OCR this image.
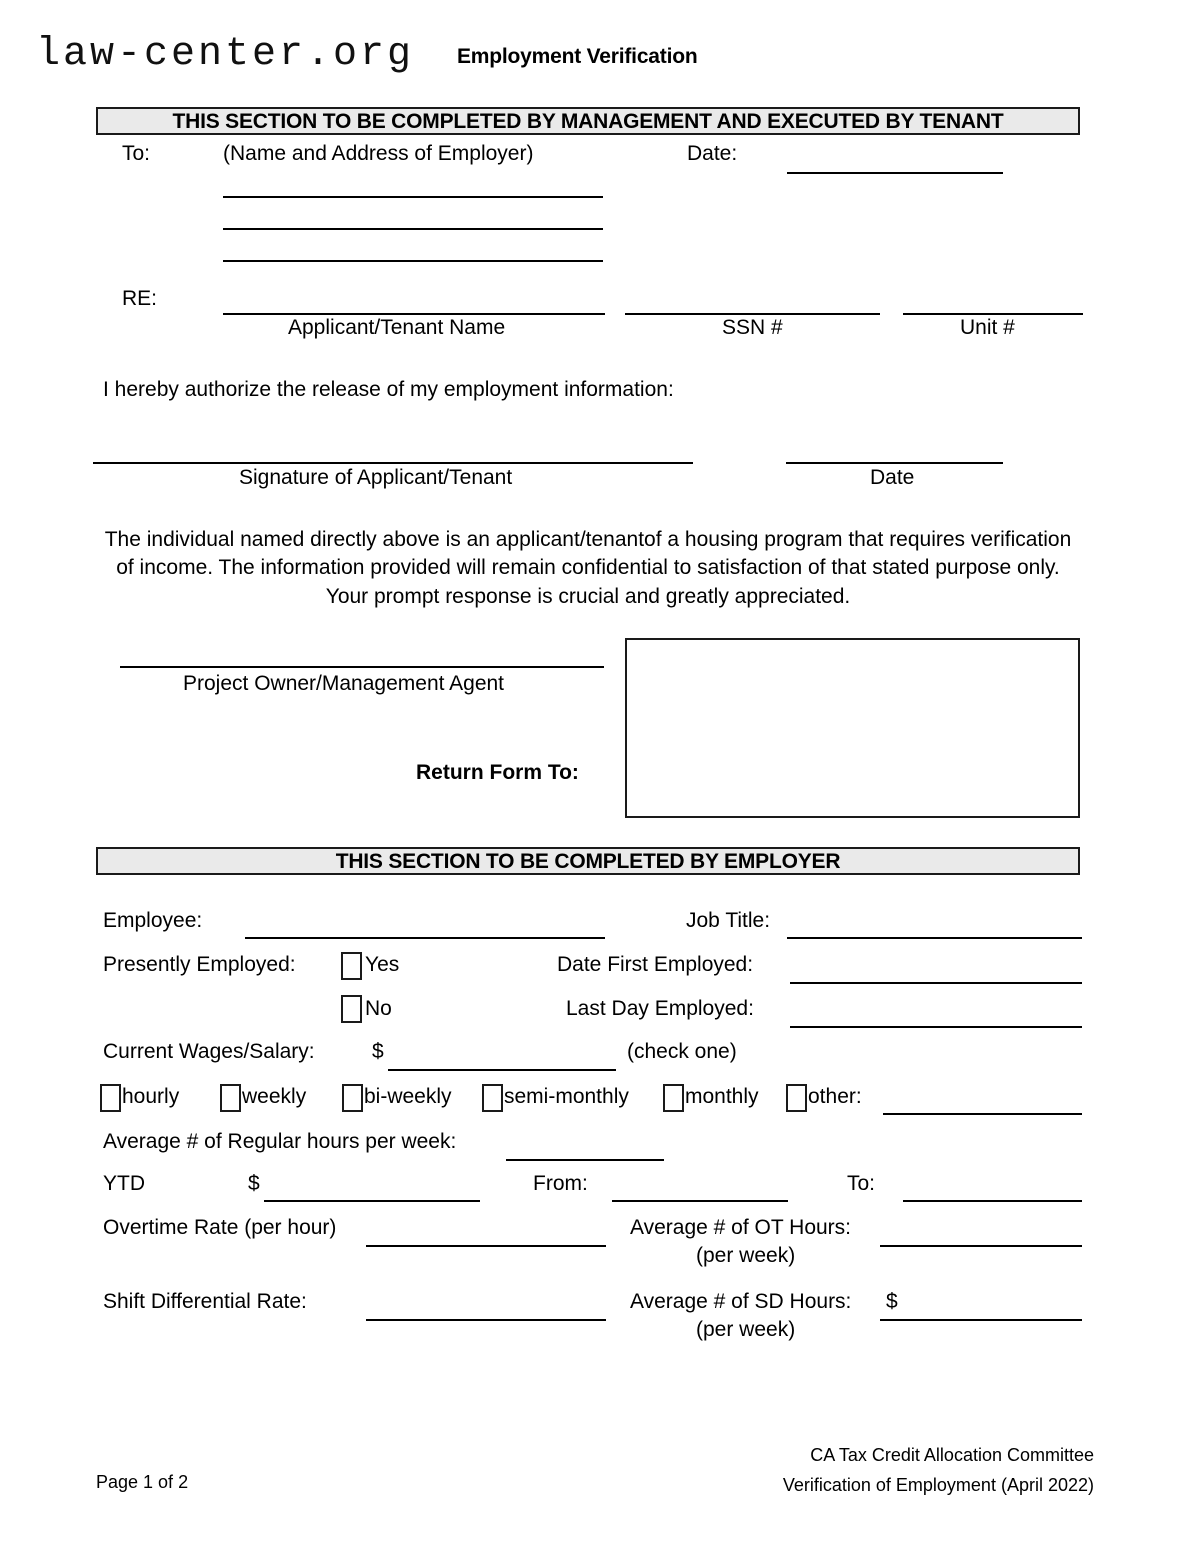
law-center.org Employment Verification
THIS SECTION TO BE COMPLETED BY MANAGEMENT AND EXECUTED BY TENANT
To:	(Name and Address of Employer)	Date:
RE:
Applicant/Tenant Name	SSN #	Unit #
I hereby authorize the release of my employment information:
Signature of Applicant/Tenant	Date
The individual named directly above is an applicant/tenantof a housing program that requires verification of income. The information provided will remain confidential to satisfaction of that stated purpose only. Your prompt response is crucial and greatly appreciated.
Project Owner/Management Agent
Return Form To:
THIS SECTION TO BE COMPLETED BY EMPLOYER
Employee:	Job Title:
Presently Employed:	Yes	Date First Employed:
No	Last Day Employed:
Current Wages/Salary:	$	(check one)
hourly	weekly	bi-weekly semi-monthly	monthly other:
Average # of Regular hours per week:
YTD	$	From:	To:
Overtime Rate (per hour)	Average # of OT Hours:
(per week)
Shift Differential Rate:	Average # of SD Hours: $
(per week)
Page 1 of 2
CA Tax Credit Allocation Committee
Verification of Employment (April 2022)
